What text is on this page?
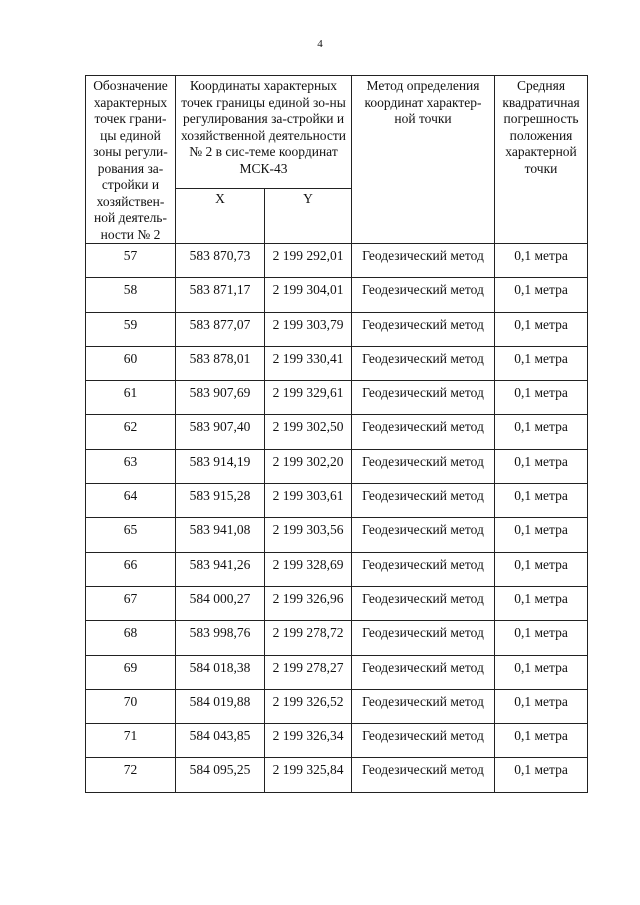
4
Обозначение характерных точек грани-цы единой зоны регули-рования за-стройки и хозяйствен-ной деятель-ности № 2	Координаты характерных точек границы единой зо-ны регулирования за-стройки и хозяйственной деятельности № 2 в сис-теме координат МСК-43		Метод определения координат характер-ной точки	Средняя квадратичная погрешность положения характерной точки
	X	Y		
57	583 870,73	2 199 292,01	Геодезический метод	0,1 метра
58	583 871,17	2 199 304,01	Геодезический метод	0,1 метра
59	583 877,07	2 199 303,79	Геодезический метод	0,1 метра
60	583 878,01	2 199 330,41	Геодезический метод	0,1 метра
61	583 907,69	2 199 329,61	Геодезический метод	0,1 метра
62	583 907,40	2 199 302,50	Геодезический метод	0,1 метра
63	583 914,19	2 199 302,20	Геодезический метод	0,1 метра
64	583 915,28	2 199 303,61	Геодезический метод	0,1 метра
65	583 941,08	2 199 303,56	Геодезический метод	0,1 метра
66	583 941,26	2 199 328,69	Геодезический метод	0,1 метра
67	584 000,27	2 199 326,96	Геодезический метод	0,1 метра
68	583 998,76	2 199 278,72	Геодезический метод	0,1 метра
69	584 018,38	2 199 278,27	Геодезический метод	0,1 метра
70	584 019,88	2 199 326,52	Геодезический метод	0,1 метра
71	584 043,85	2 199 326,34	Геодезический метод	0,1 метра
72	584 095,25	2 199 325,84	Геодезический метод	0,1 метра
